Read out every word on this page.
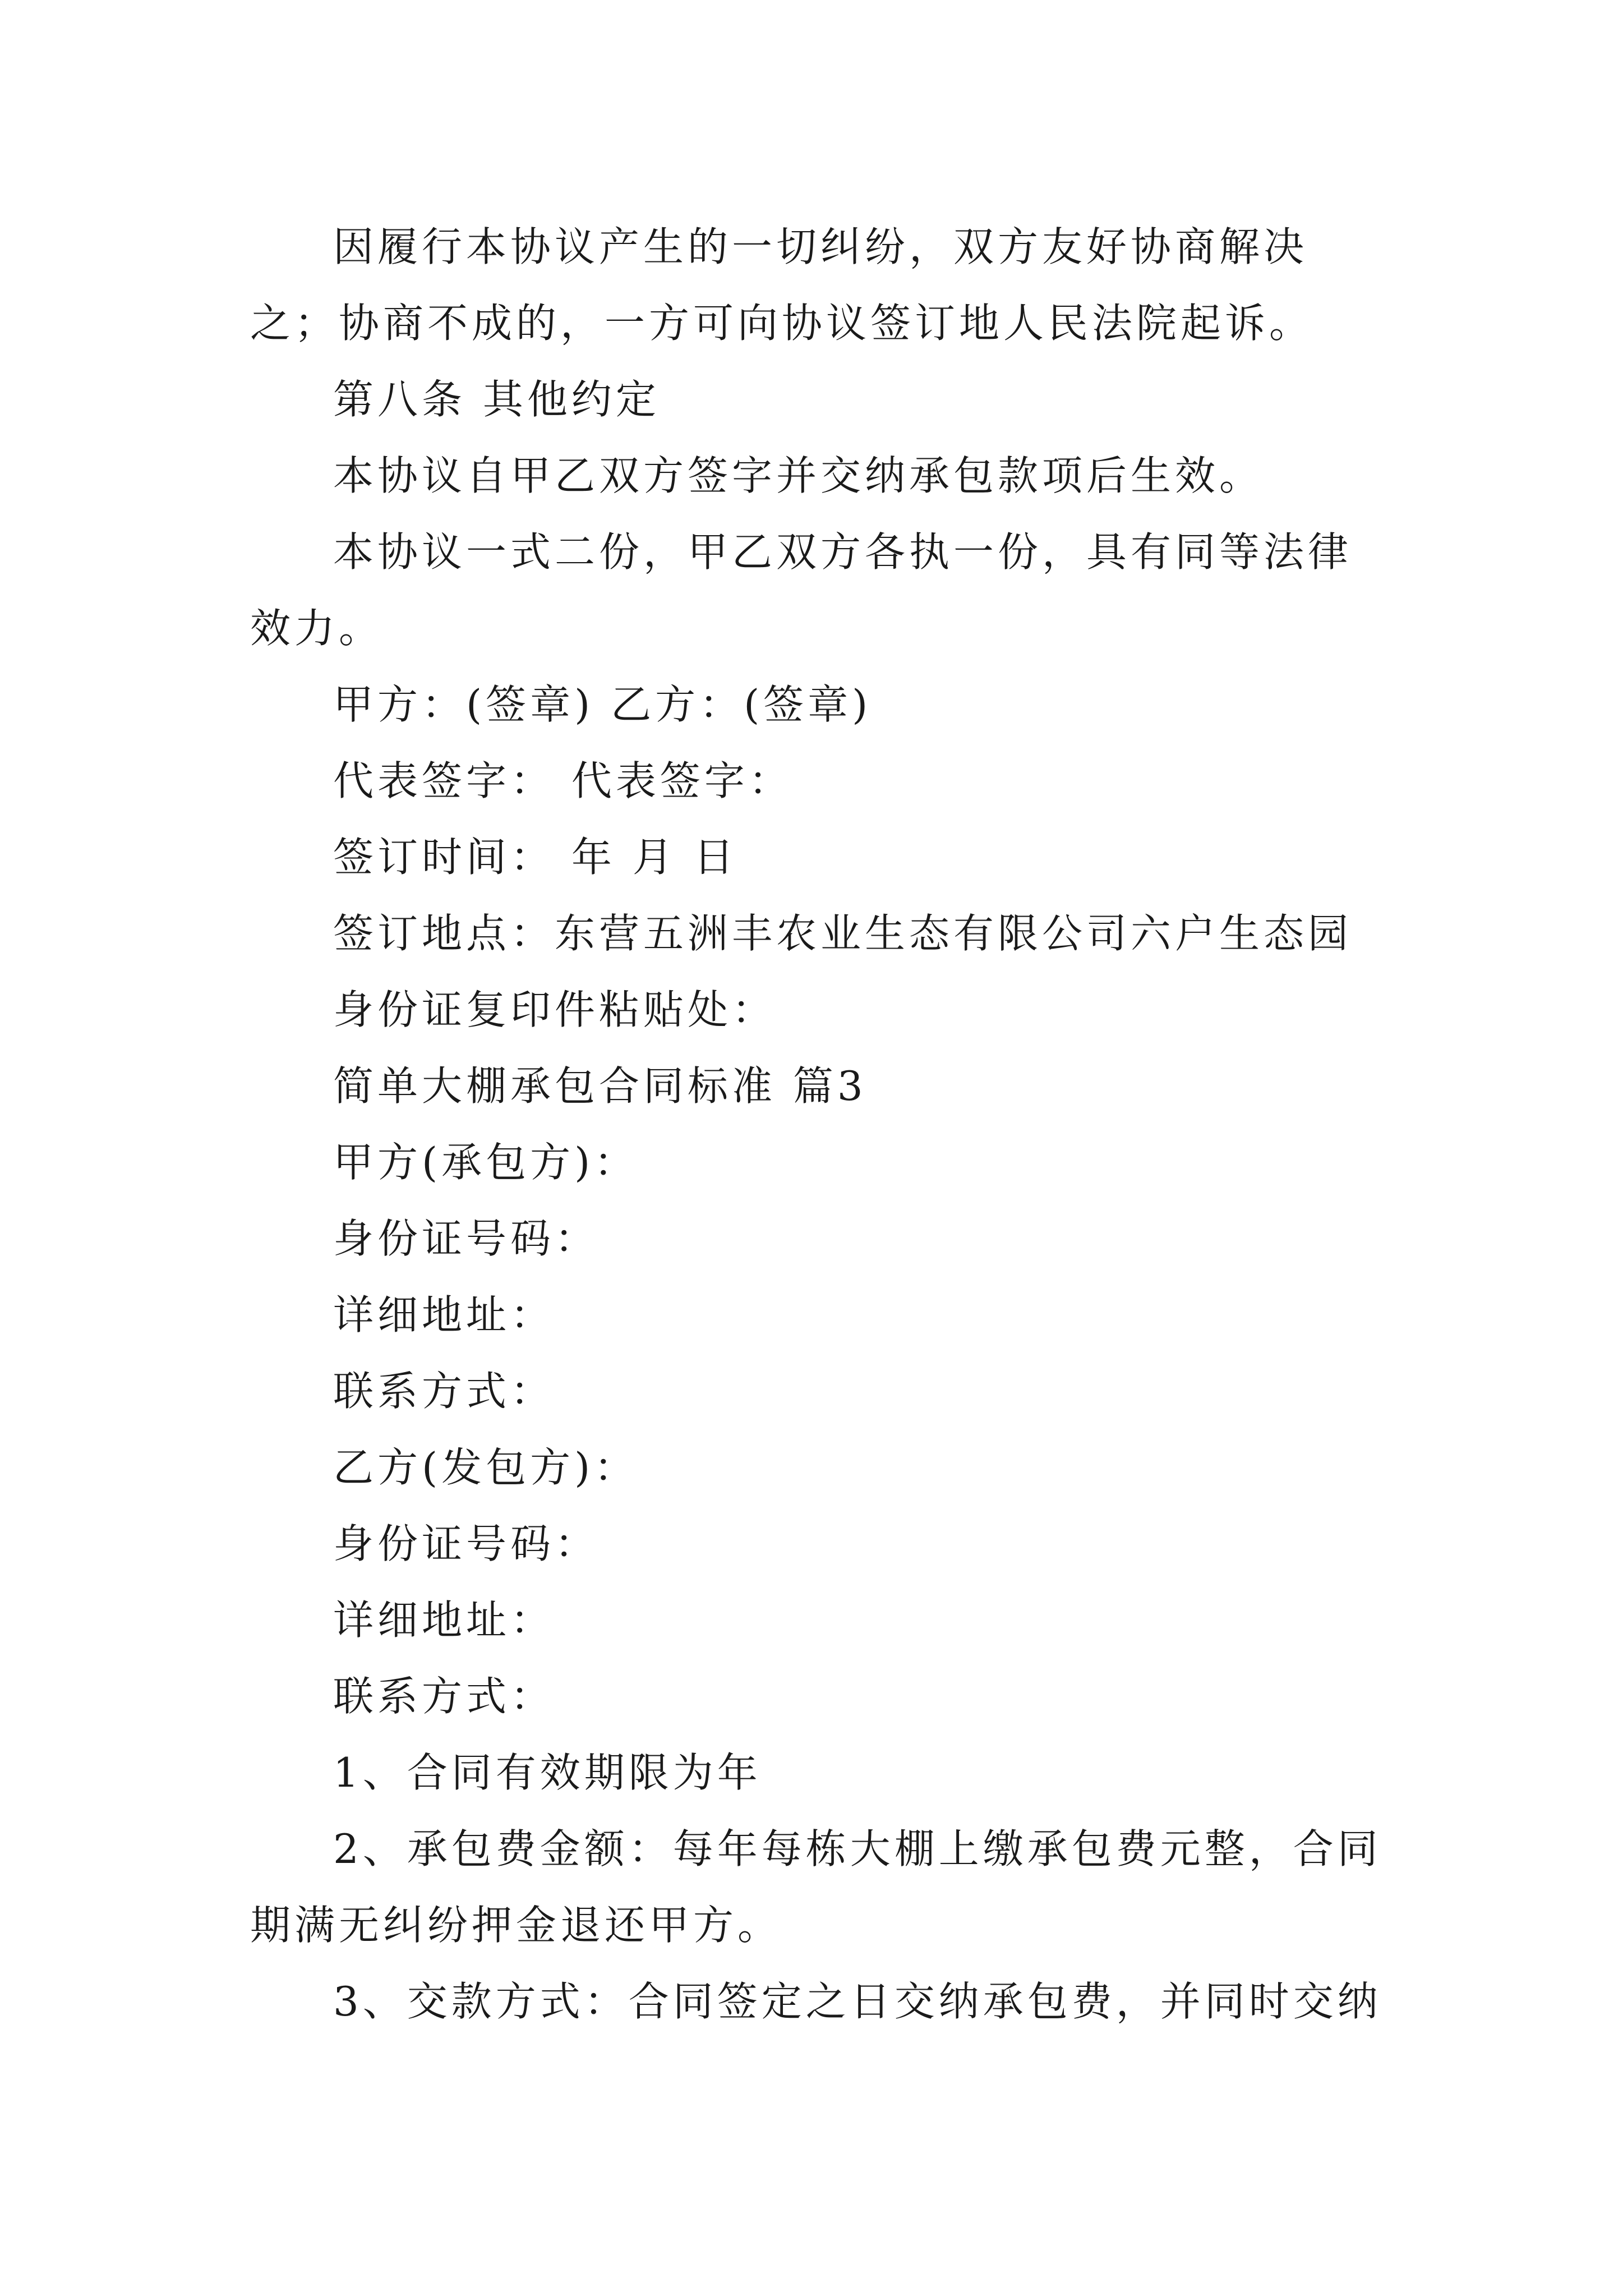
因履行本协议产生的一切纠纷，双方友好协商解决之；协商不成的，一方可向协议签订地人民法院起诉。

第八条 其他约定

本协议自甲乙双方签字并交纳承包款项后生效。

本协议一式二份，甲乙双方各执一份，具有同等法律效力。

甲方：(签章) 乙方：(签章)

代表签字： 代表签字：

签订时间： 年 月 日

签订地点：东营五洲丰农业生态有限公司六户生态园

身份证复印件粘贴处：

简单大棚承包合同标准 篇3

甲方(承包方)：

身份证号码：

详细地址：

联系方式：

乙方(发包方)：

身份证号码：

详细地址：

联系方式：

1、合同有效期限为年

2、承包费金额：每年每栋大棚上缴承包费元整，合同期满无纠纷押金退还甲方。

3、交款方式：合同签定之日交纳承包费，并同时交纳
